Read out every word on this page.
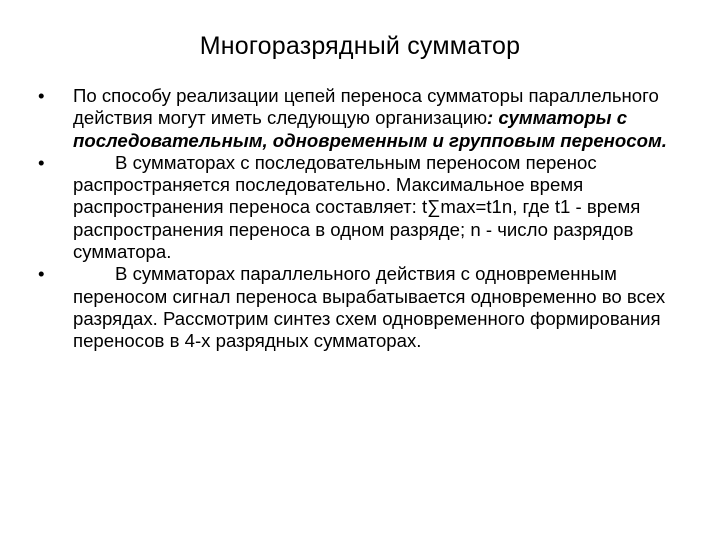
Многоразрядный сумматор
•	По способу реализации цепей переноса сумматоры параллельного действия могут иметь следующую организацию: сумматоры с последовательным, одновременным и групповым переносом.
•	В сумматорах с последовательным переносом перенос распространяется последовательно. Максимальное время распространения переноса составляет: t∑max=t1n, где t1 - время распространения переноса в одном разряде; n - число разрядов сумматора.
•	В сумматорах параллельного действия с одновременным переносом сигнал переноса вырабатывается одновременно во всех разрядах. Рассмотрим синтез схем одновременного формирования переносов в 4-х разрядных сумматорах.
